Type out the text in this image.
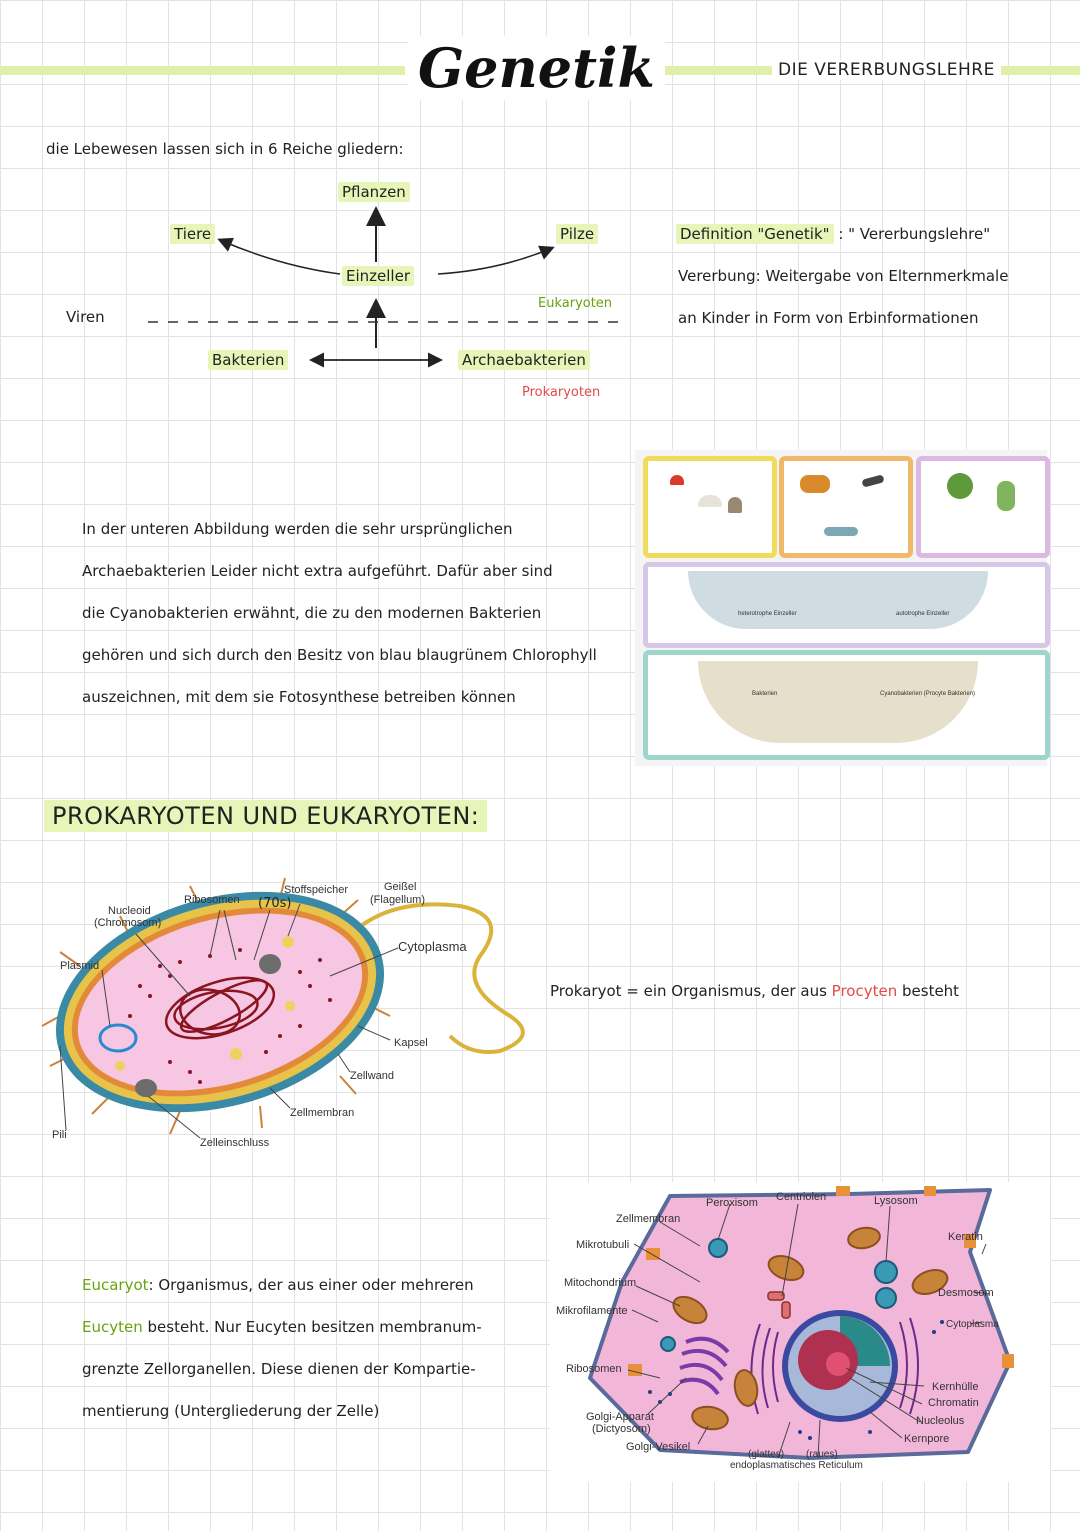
Genetik	DIE VERERBUNGSLEHRE
die Lebewesen lassen sich in 6 Reiche gliedern:
Pflanzen
Tiere	Pilze
Einzeller
Viren
Eukaryoten
Bakterien	Archaebakterien
Prokaryoten
Definition "Genetik" : " Vererbungslehre"
Vererbung: Weitergabe von Elternmerkmale
an Kinder in Form von Erbinformationen
In der unteren Abbildung werden die sehr ursprünglichen
Archaebakterien Leider nicht extra aufgeführt. Dafür aber sind
die Cyanobakterien erwähnt, die zu den modernen Bakterien
gehören und sich durch den Besitz von blau blaugrünem Chlorophyll
auszeichnen, mit dem sie Fotosynthese betreiben können
heterotrophe Einzeller	autotrophe Einzeller
Bakterien	Cyanobakterien (Procyte Bakterien)
PROKARYOTEN UND EUKARYOTEN:
Nucleoid
(Chromosom)
Ribosomen (70s)
Stoffspeicher	Geißel
(Flagellum)
Cytoplasma
Plasmid
Kapsel
Zellwand
Zellmembran
Pili
Zelleinschluss
Prokaryot = ein Organismus, der aus Procyten besteht
Eucaryot: Organismus, der aus einer oder mehreren
Eucyten besteht. Nur Eucyten besitzen membranum-
grenzte Zellorganellen. Diese dienen der Kompartie-
mentierung (Untergliederung der Zelle)
Peroxisom Centriolen	Lysosom
Zellmembran
Keratin
Mikrotubuli
Mitochondrium
Desmosom
Mikrofilamente
Cytoplasma
Ribosomen
Kernhülle
Chromatin
Nucleolus
Golgi-Apparat
(Dictyosom)
Kernpore
Golgi-Vesikel
(glattes) (raues)
endoplasmatisches Reticulum
